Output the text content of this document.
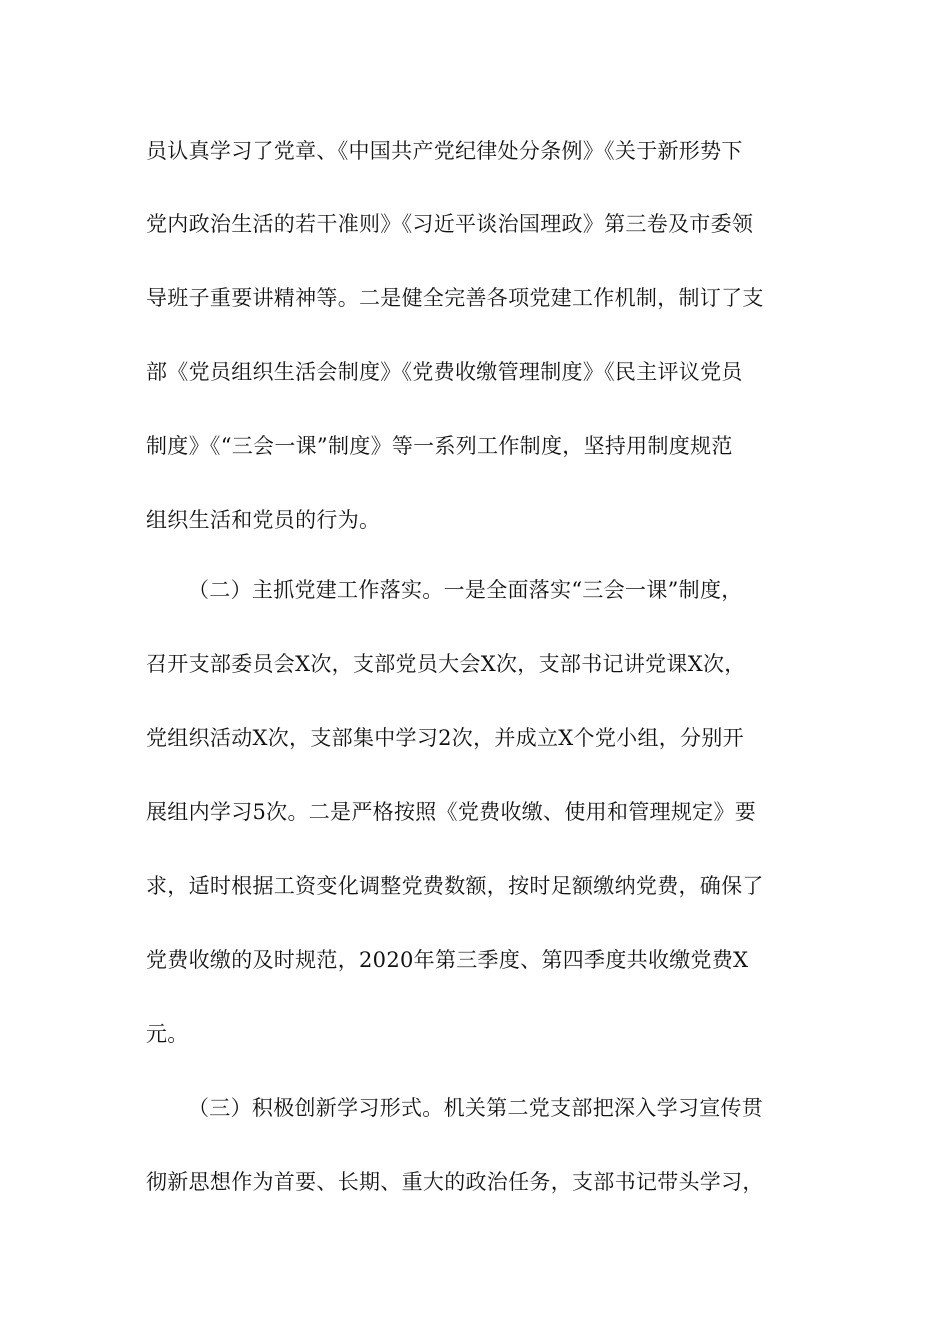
员认真学习了党章、《中国共产党纪律处分条例》《关于新形势下
党内政治生活的若干准则》《习近平谈治国理政》第三卷及市委领
导班子重要讲精神等。二是健全完善各项党建工作机制，制订了支
部《党员组织生活会制度》《党费收缴管理制度》《民主评议党员
制度》《“三会一课”制度》等一系列工作制度，坚持用制度规范
组织生活和党员的行为。
（二）主抓党建工作落实。一是全面落实“三会一课”制度，
召开支部委员会X次，支部党员大会X次，支部书记讲党课X次，
党组织活动X次，支部集中学习2次，并成立X个党小组，分别开
展组内学习5次。二是严格按照《党费收缴、使用和管理规定》要
求，适时根据工资变化调整党费数额，按时足额缴纳党费，确保了
党费收缴的及时规范，2020年第三季度、第四季度共收缴党费X
元。
（三）积极创新学习形式。机关第二党支部把深入学习宣传贯
彻新思想作为首要、长期、重大的政治任务，支部书记带头学习，
